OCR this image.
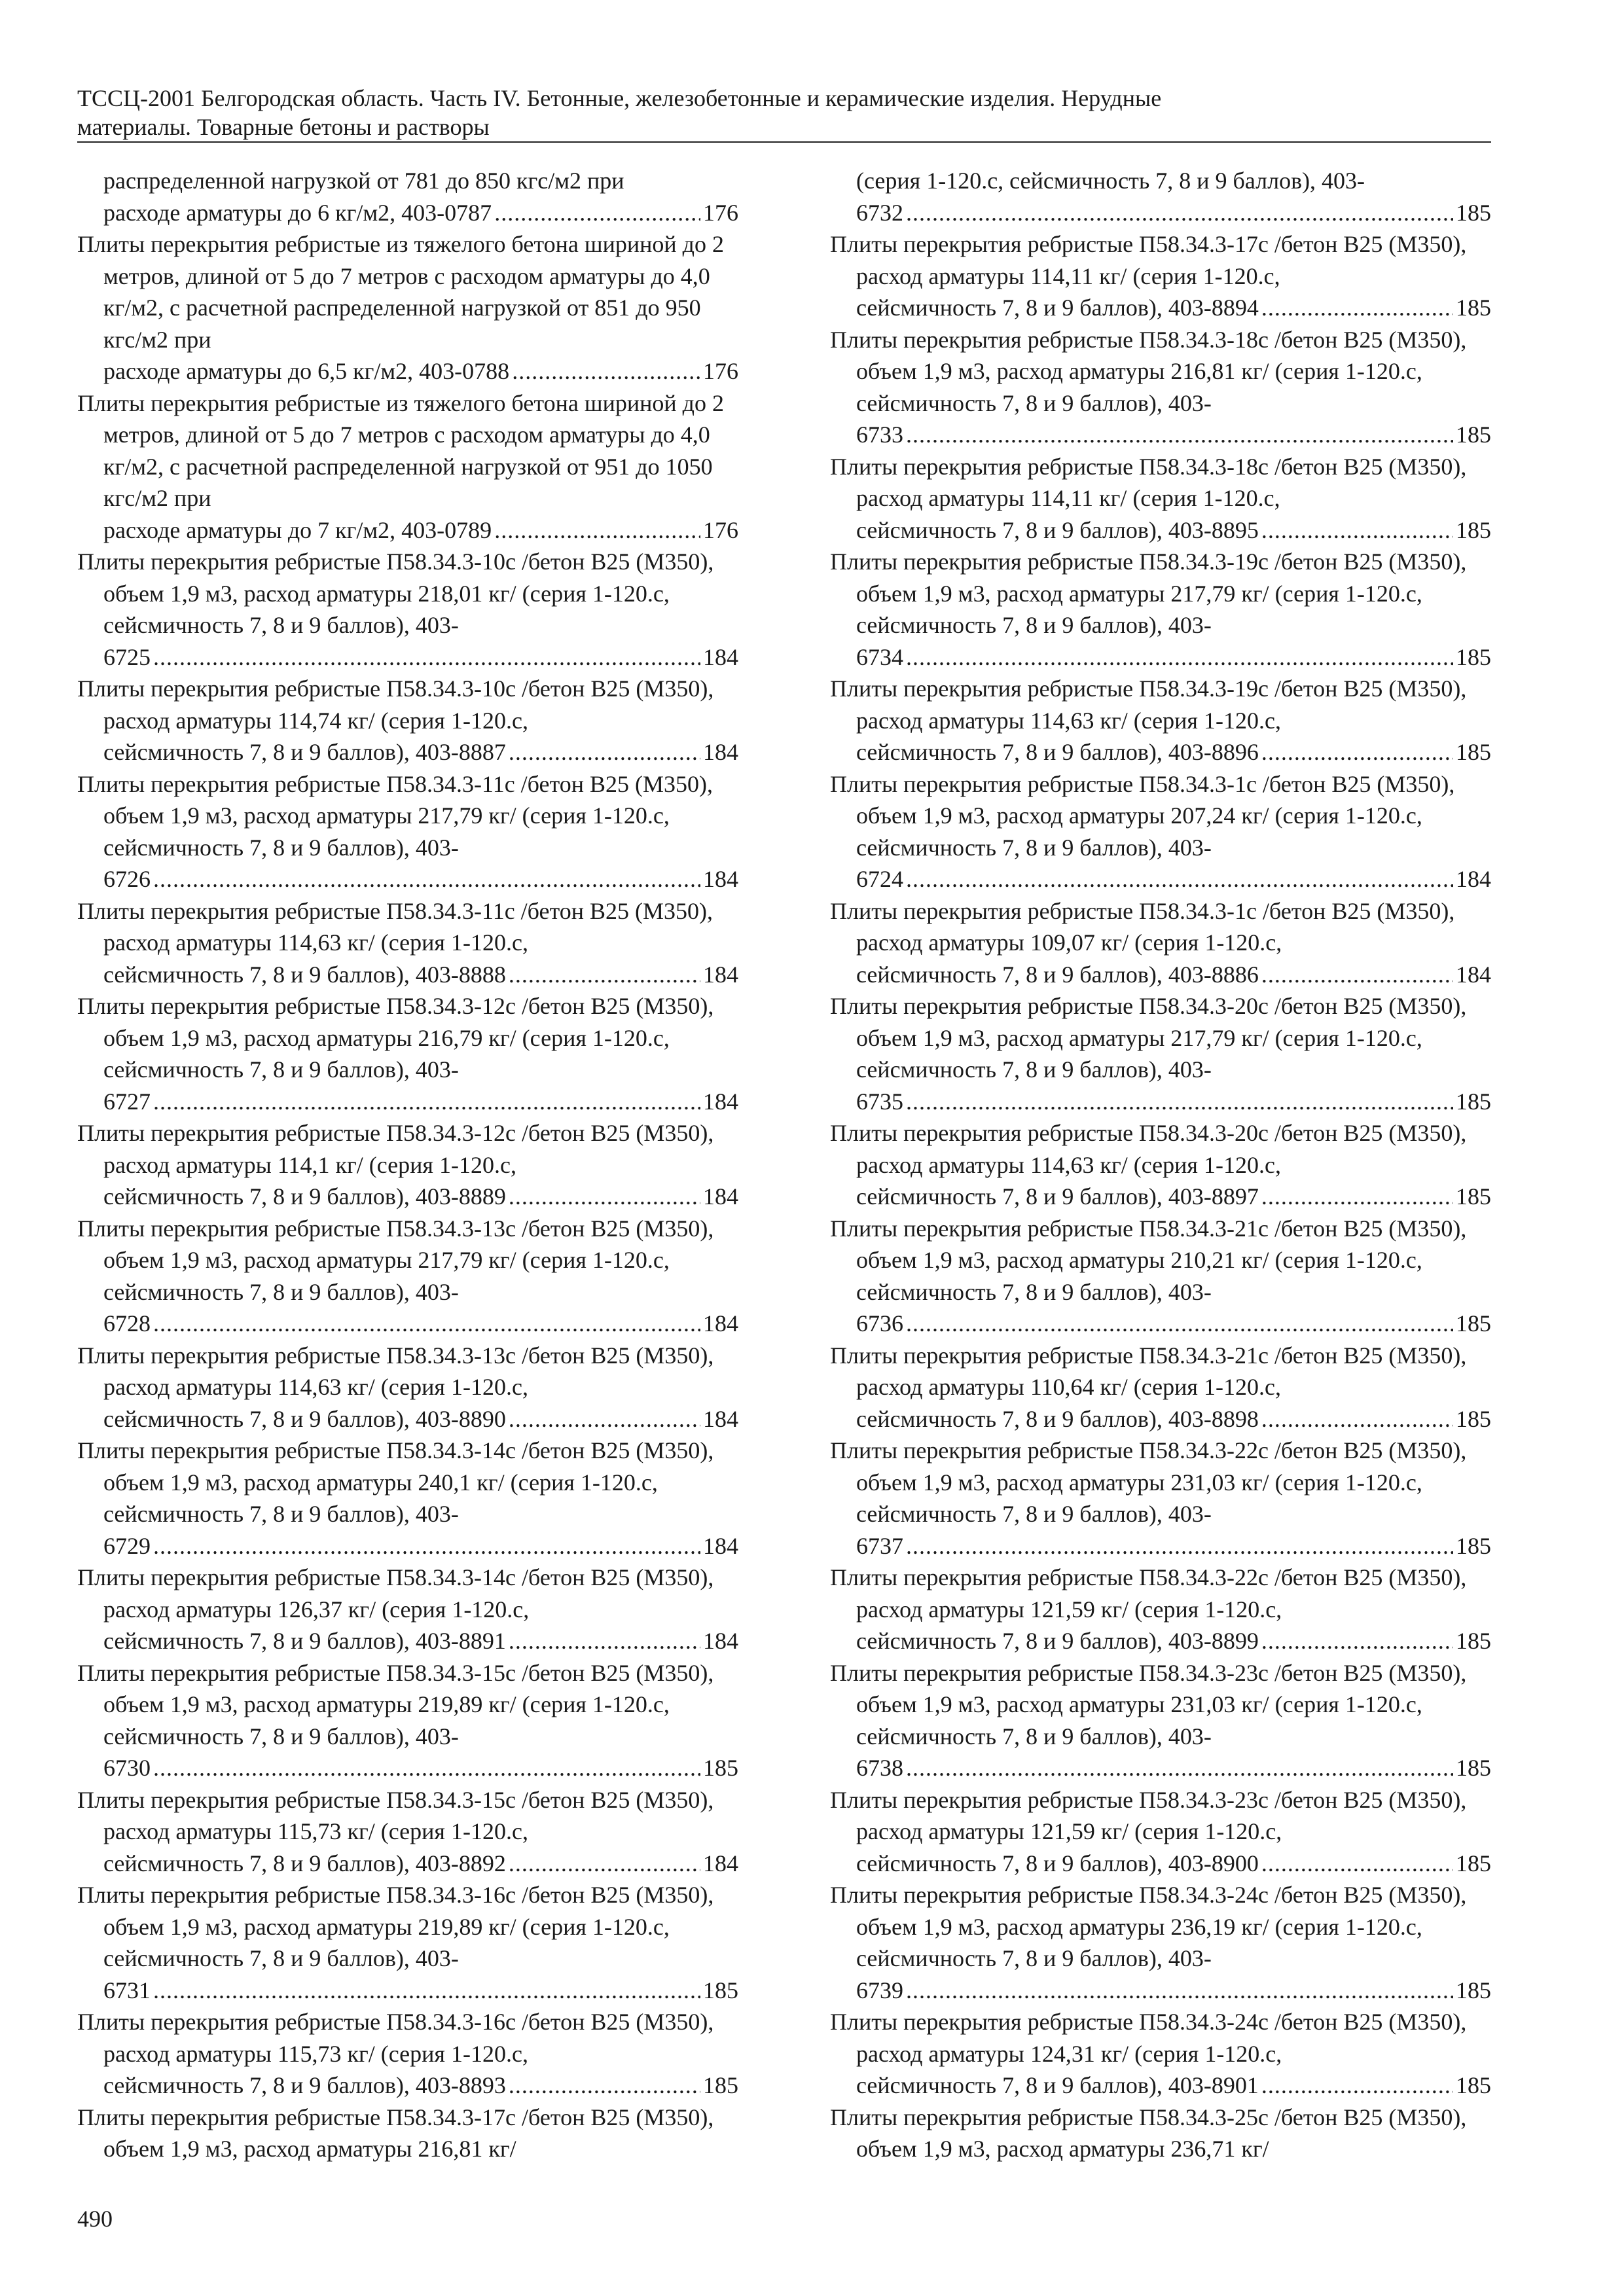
ТССЦ-2001 Белгородская область. Часть IV. Бетонные, железобетонные и керамические изделия. Нерудные

материалы. Товарные бетоны и растворы
распределенной нагрузкой от 781 до 850 кгс/м2 при
расходе арматуры до 6 кг/м2, 403-0787 .....	176
Плиты перекрытия ребристые из тяжелого бетона шириной до 2 метров, длиной от 5 до 7 метров с расходом арматуры до 4,0 кг/м2, с расчетной распределенной нагрузкой от 851 до 950 кгс/м2 при
расходе арматуры до 6,5 кг/м2, 403-0788 .....	176
Плиты перекрытия ребристые из тяжелого бетона шириной до 2 метров, длиной от 5 до 7 метров с расходом арматуры до 4,0 кг/м2, с расчетной распределенной нагрузкой от 951 до 1050 кгс/м2 при
расходе арматуры до 7 кг/м2, 403-0789 .....	176
Плиты перекрытия ребристые П58.34.3-10с /бетон В25 (М350), объем 1,9 м3, расход арматуры 218,01 кг/ (серия 1-120.с, сейсмичность 7, 8 и 9 баллов), 403-
6725 .....	184
Плиты перекрытия ребристые П58.34.3-10с /бетон В25 (М350), расход арматуры 114,74 кг/ (серия 1-120.с,
сейсмичность 7, 8 и 9 баллов), 403-8887 .....	184
Плиты перекрытия ребристые П58.34.3-11с /бетон В25 (М350), объем 1,9 м3, расход арматуры 217,79 кг/ (серия 1-120.с, сейсмичность 7, 8 и 9 баллов), 403-
6726 .....	184
Плиты перекрытия ребристые П58.34.3-11с /бетон В25 (М350), расход арматуры 114,63 кг/ (серия 1-120.с,
сейсмичность 7, 8 и 9 баллов), 403-8888 .....	184
Плиты перекрытия ребристые П58.34.3-12с /бетон В25 (М350), объем 1,9 м3, расход арматуры 216,79 кг/ (серия 1-120.с, сейсмичность 7, 8 и 9 баллов), 403-
6727 .....	184
Плиты перекрытия ребристые П58.34.3-12с /бетон В25 (М350), расход арматуры 114,1 кг/ (серия 1-120.с,
сейсмичность 7, 8 и 9 баллов), 403-8889 .....	184
Плиты перекрытия ребристые П58.34.3-13с /бетон В25 (М350), объем 1,9 м3, расход арматуры 217,79 кг/ (серия 1-120.с, сейсмичность 7, 8 и 9 баллов), 403-
6728 .....	184
Плиты перекрытия ребристые П58.34.3-13с /бетон В25 (М350), расход арматуры 114,63 кг/ (серия 1-120.с,
сейсмичность 7, 8 и 9 баллов), 403-8890 .....	184
Плиты перекрытия ребристые П58.34.3-14с /бетон В25 (М350), объем 1,9 м3, расход арматуры 240,1 кг/ (серия 1-120.с, сейсмичность 7, 8 и 9 баллов), 403-
6729 .....	184
Плиты перекрытия ребристые П58.34.3-14с /бетон В25 (М350), расход арматуры 126,37 кг/ (серия 1-120.с,
сейсмичность 7, 8 и 9 баллов), 403-8891 .....	184
Плиты перекрытия ребристые П58.34.3-15с /бетон В25 (М350), объем 1,9 м3, расход арматуры 219,89 кг/ (серия 1-120.с, сейсмичность 7, 8 и 9 баллов), 403-
6730 .....	185
Плиты перекрытия ребристые П58.34.3-15с /бетон В25 (М350), расход арматуры 115,73 кг/ (серия 1-120.с,
сейсмичность 7, 8 и 9 баллов), 403-8892 .....	184
Плиты перекрытия ребристые П58.34.3-16с /бетон В25 (М350), объем 1,9 м3, расход арматуры 219,89 кг/ (серия 1-120.с, сейсмичность 7, 8 и 9 баллов), 403-
6731 .....	185
Плиты перекрытия ребристые П58.34.3-16с /бетон В25 (М350), расход арматуры 115,73 кг/ (серия 1-120.с,
сейсмичность 7, 8 и 9 баллов), 403-8893 .....	185
Плиты перекрытия ребристые П58.34.3-17с /бетон В25 (М350), объем 1,9 м3, расход арматуры 216,81 кг/
(серия 1-120.с, сейсмичность 7, 8 и 9 баллов), 403-
6732 .....	185
Плиты перекрытия ребристые П58.34.3-17с /бетон В25 (М350), расход арматуры 114,11 кг/ (серия 1-120.с,
сейсмичность 7, 8 и 9 баллов), 403-8894 .....	185
Плиты перекрытия ребристые П58.34.3-18с /бетон В25 (М350), объем 1,9 м3, расход арматуры 216,81 кг/ (серия 1-120.с, сейсмичность 7, 8 и 9 баллов), 403-
6733 .....	185
Плиты перекрытия ребристые П58.34.3-18с /бетон В25 (М350), расход арматуры 114,11 кг/ (серия 1-120.с,
сейсмичность 7, 8 и 9 баллов), 403-8895 .....	185
Плиты перекрытия ребристые П58.34.3-19с /бетон В25 (М350), объем 1,9 м3, расход арматуры 217,79 кг/ (серия 1-120.с, сейсмичность 7, 8 и 9 баллов), 403-
6734 .....	185
Плиты перекрытия ребристые П58.34.3-19с /бетон В25 (М350), расход арматуры 114,63 кг/ (серия 1-120.с,
сейсмичность 7, 8 и 9 баллов), 403-8896 .....	185
Плиты перекрытия ребристые П58.34.3-1с /бетон В25 (М350), объем 1,9 м3, расход арматуры 207,24 кг/ (серия 1-120.с, сейсмичность 7, 8 и 9 баллов), 403-
6724 .....	184
Плиты перекрытия ребристые П58.34.3-1с /бетон В25 (М350), расход арматуры 109,07 кг/ (серия 1-120.с,
сейсмичность 7, 8 и 9 баллов), 403-8886 .....	184
Плиты перекрытия ребристые П58.34.3-20с /бетон В25 (М350), объем 1,9 м3, расход арматуры 217,79 кг/ (серия 1-120.с, сейсмичность 7, 8 и 9 баллов), 403-
6735 .....	185
Плиты перекрытия ребристые П58.34.3-20с /бетон В25 (М350), расход арматуры 114,63 кг/ (серия 1-120.с,
сейсмичность 7, 8 и 9 баллов), 403-8897 .....	185
Плиты перекрытия ребристые П58.34.3-21с /бетон В25 (М350), объем 1,9 м3, расход арматуры 210,21 кг/ (серия 1-120.с, сейсмичность 7, 8 и 9 баллов), 403-
6736 .....	185
Плиты перекрытия ребристые П58.34.3-21с /бетон В25 (М350), расход арматуры 110,64 кг/ (серия 1-120.с,
сейсмичность 7, 8 и 9 баллов), 403-8898 .....	185
Плиты перекрытия ребристые П58.34.3-22с /бетон В25 (М350), объем 1,9 м3, расход арматуры 231,03 кг/ (серия 1-120.с, сейсмичность 7, 8 и 9 баллов), 403-
6737 .....	185
Плиты перекрытия ребристые П58.34.3-22с /бетон В25 (М350), расход арматуры 121,59 кг/ (серия 1-120.с,
сейсмичность 7, 8 и 9 баллов), 403-8899 .....	185
Плиты перекрытия ребристые П58.34.3-23с /бетон В25 (М350), объем 1,9 м3, расход арматуры 231,03 кг/ (серия 1-120.с, сейсмичность 7, 8 и 9 баллов), 403-
6738 .....	185
Плиты перекрытия ребристые П58.34.3-23с /бетон В25 (М350), расход арматуры 121,59 кг/ (серия 1-120.с,
сейсмичность 7, 8 и 9 баллов), 403-8900 .....	185
Плиты перекрытия ребристые П58.34.3-24с /бетон В25 (М350), объем 1,9 м3, расход арматуры 236,19 кг/ (серия 1-120.с, сейсмичность 7, 8 и 9 баллов), 403-
6739 .....	185
Плиты перекрытия ребристые П58.34.3-24с /бетон В25 (М350), расход арматуры 124,31 кг/ (серия 1-120.с,
сейсмичность 7, 8 и 9 баллов), 403-8901 .....	185
Плиты перекрытия ребристые П58.34.3-25с /бетон В25 (М350), объем 1,9 м3, расход арматуры 236,71 кг/
490
